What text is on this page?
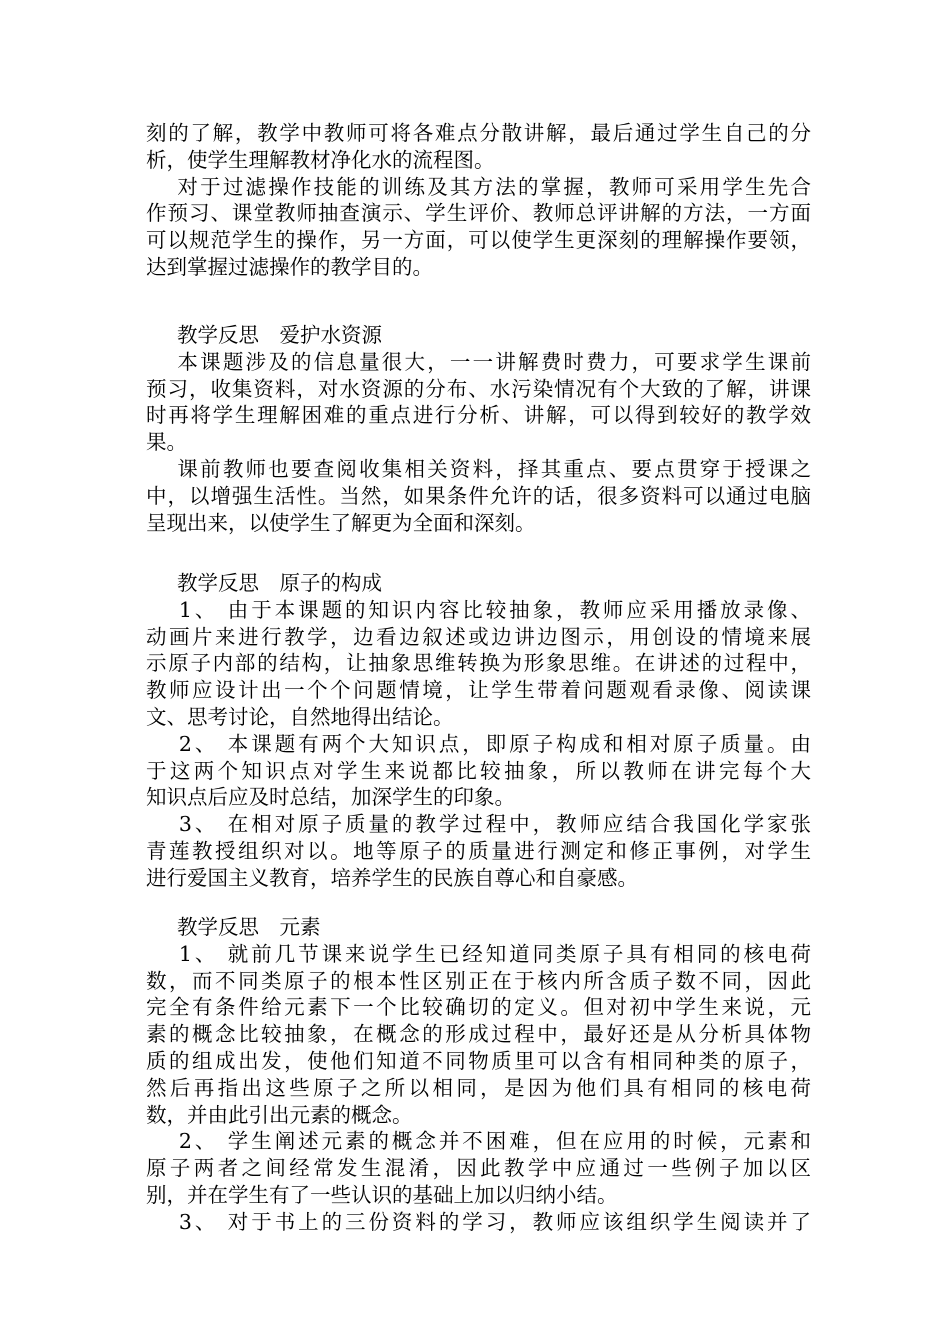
刻的了解，教学中教师可将各难点分散讲解，最后通过学生自己的分
析，使学生理解教材净化水的流程图。
　 对于过滤操作技能的训练及其方法的掌握，教师可采用学生先合
作预习、课堂教师抽查演示、学生评价、教师总评讲解的方法，一方面
可以规范学生的操作，另一方面，可以使学生更深刻的理解操作要领，
达到掌握过滤操作的教学目的。
教学反思　爱护水资源
　 本课题涉及的信息量很大，一一讲解费时费力，可要求学生课前
预习，收集资料，对水资源的分布、水污染情况有个大致的了解，讲课
时再将学生理解困难的重点进行分析、讲解，可以得到较好的教学效
果。
　 课前教师也要查阅收集相关资料，择其重点、要点贯穿于授课之
中，以增强生活性。当然，如果条件允许的话，很多资料可以通过电脑
呈现出来，以使学生了解更为全面和深刻。
教学反思　原子的构成
　 1、 由于本课题的知识内容比较抽象，教师应采用播放录像、
动画片来进行教学，边看边叙述或边讲边图示，用创设的情境来展
示原子内部的结构，让抽象思维转换为形象思维。在讲述的过程中，
教师应设计出一个个问题情境，让学生带着问题观看录像、阅读课
文、思考讨论，自然地得出结论。
　 2、 本课题有两个大知识点，即原子构成和相对原子质量。由
于这两个知识点对学生来说都比较抽象，所以教师在讲完每个大
知识点后应及时总结，加深学生的印象。
　 3、 在相对原子质量的教学过程中，教师应结合我国化学家张
青莲教授组织对以。地等原子的质量进行测定和修正事例，对学生
进行爱国主义教育，培养学生的民族自尊心和自豪感。
教学反思　元素
　 1、 就前几节课来说学生已经知道同类原子具有相同的核电荷
数，而不同类原子的根本性区别正在于核内所含质子数不同，因此
完全有条件给元素下一个比较确切的定义。但对初中学生来说，元
素的概念比较抽象，在概念的形成过程中，最好还是从分析具体物
质的组成出发，使他们知道不同物质里可以含有相同种类的原子，
然后再指出这些原子之所以相同，是因为他们具有相同的核电荷
数，并由此引出元素的概念。
　 2、 学生阐述元素的概念并不困难，但在应用的时候，元素和
原子两者之间经常发生混淆，因此教学中应通过一些例子加以区
别，并在学生有了一些认识的基础上加以归纳小结。
　 3、 对于书上的三份资料的学习，教师应该组织学生阅读并了
